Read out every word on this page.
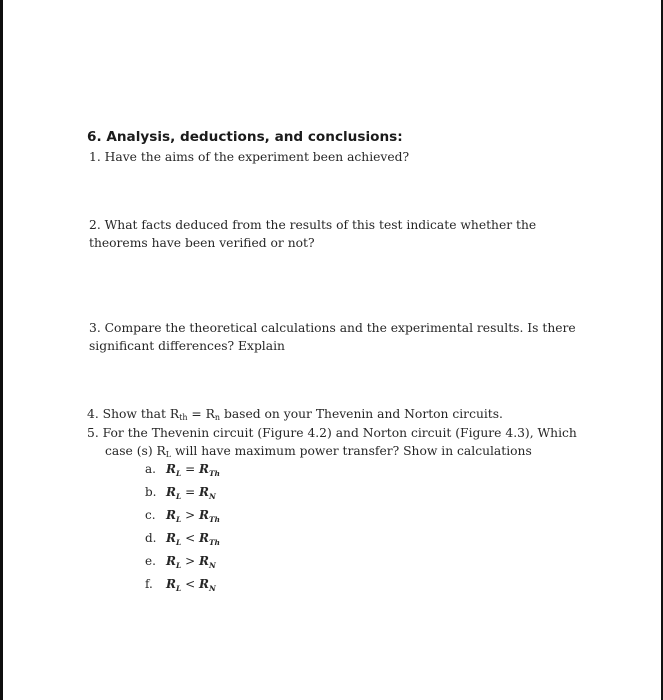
6. Analysis, deductions, and conclusions:
1. Have the aims of the experiment been achieved?
2. What facts deduced from the results of this test indicate whether the
theorems have been verified or not?
3. Compare the theoretical calculations and the experimental results. Is there
significant differences? Explain
4. Show that $R_{th} = R_n$ based on your Thevenin and Norton circuits.
5. For the Thevenin circuit (Figure 4.2) and Norton circuit (Figure 4.3), Which
case (s) $R_L$ will have maximum power transfer? Show in calculations
a. $R_L = R_{Th}$
b. $R_L = R_N$
c. $R_L > R_{Th}$
d. $R_L < R_{Th}$
e. $R_L > R_N$
f. $R_L < R_N$
